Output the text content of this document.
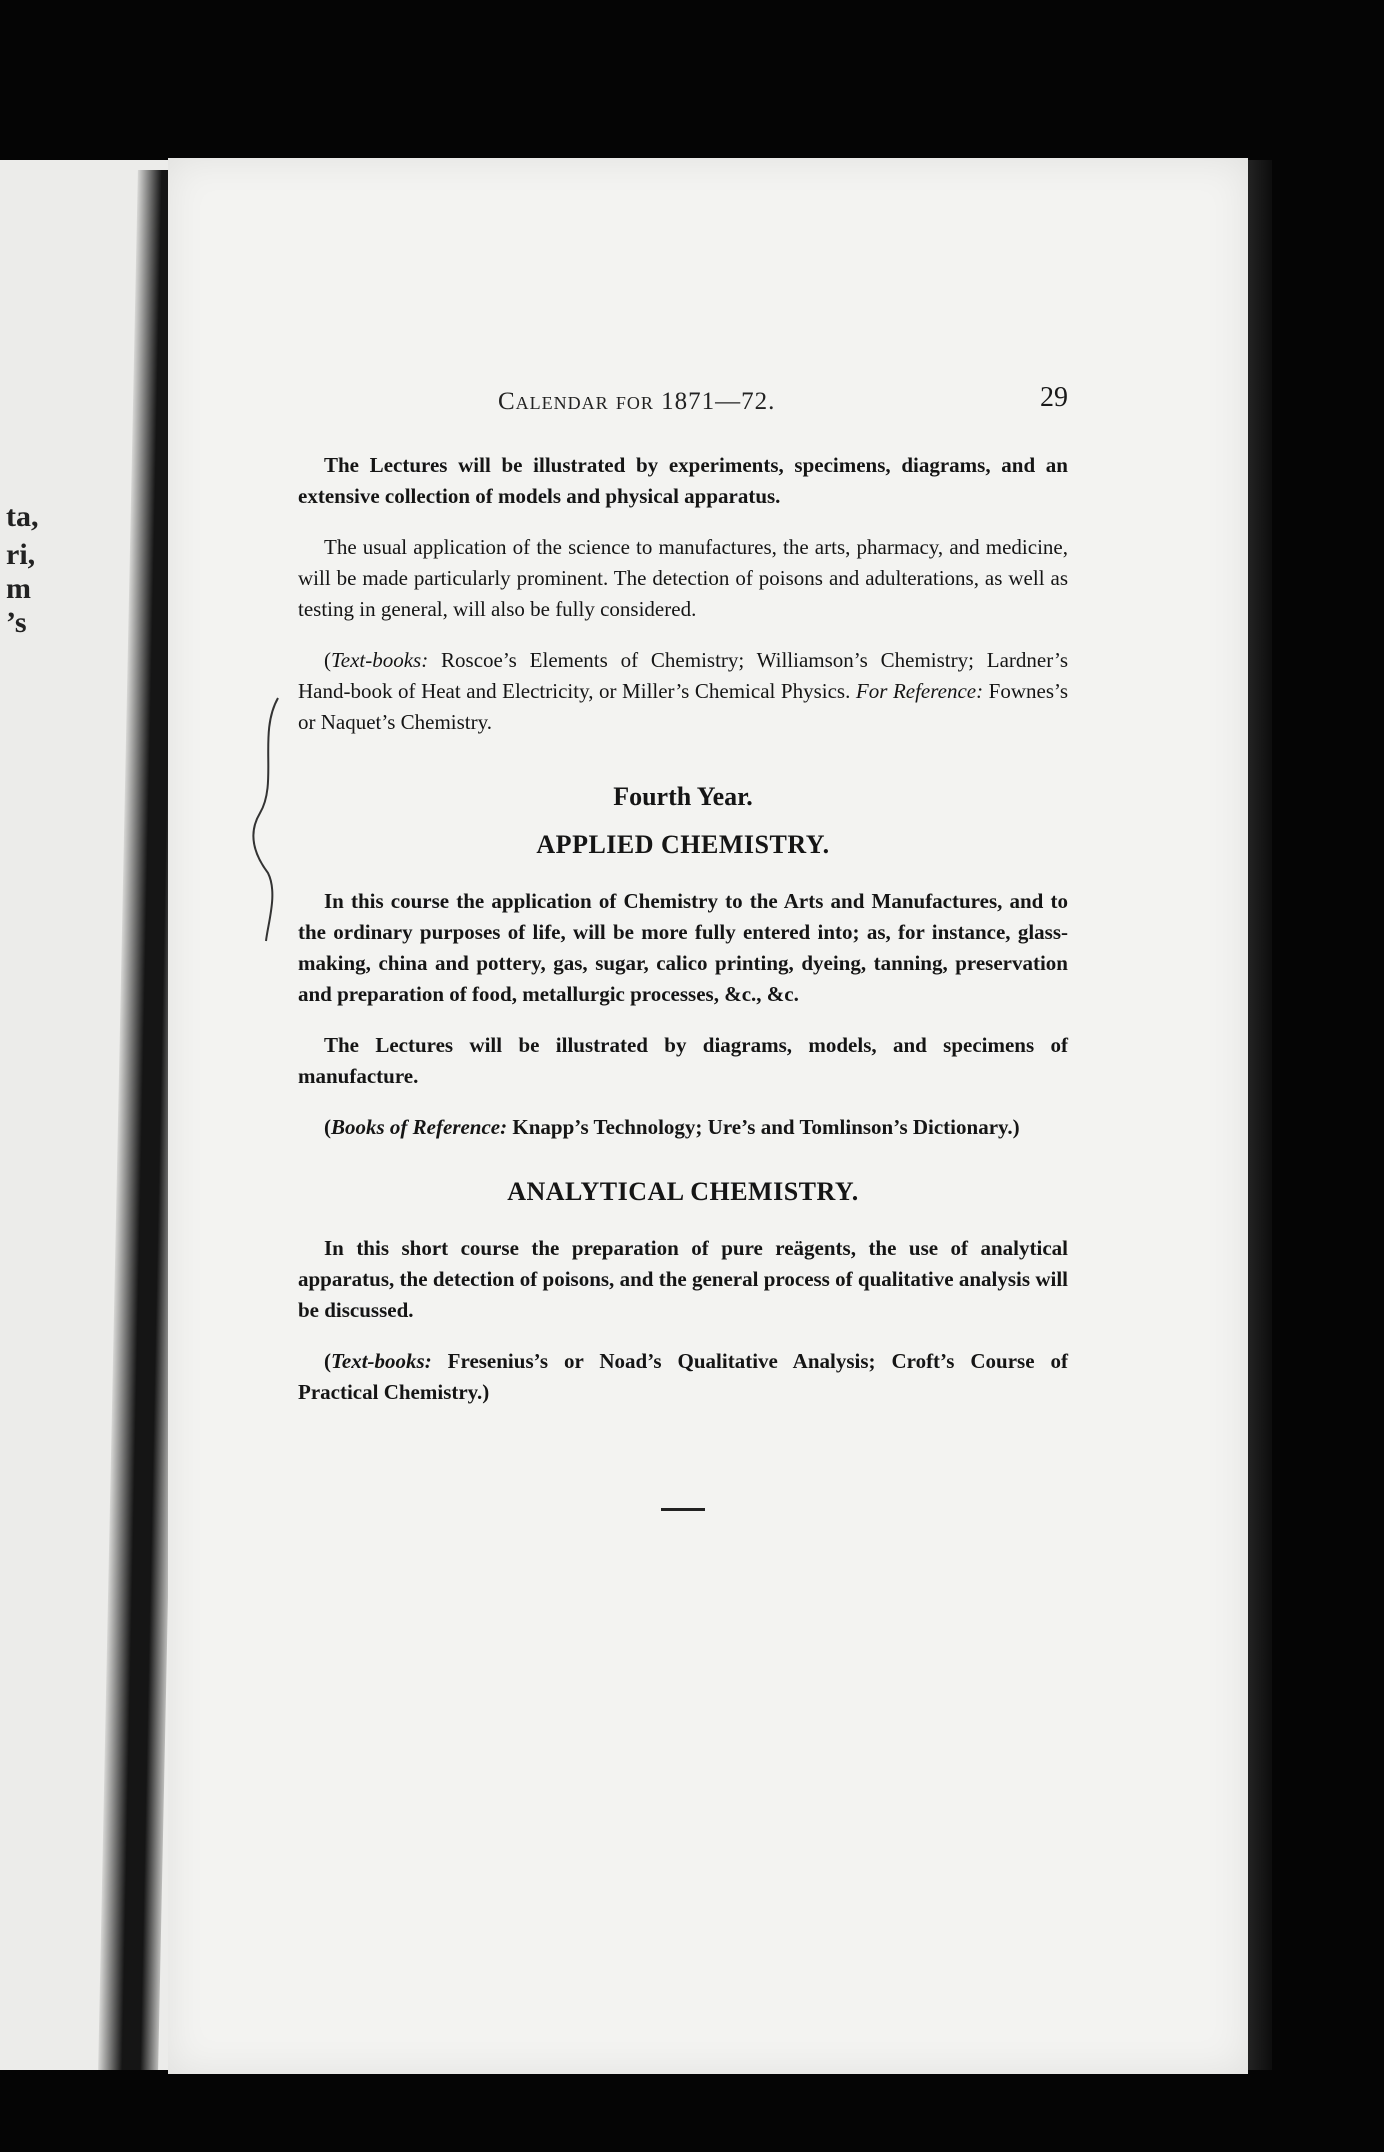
ta,
ri,
m
’s
Calendar for 1871—72.	29

The Lectures will be illustrated by experiments, specimens, diagrams, and an extensive collection of models and physical apparatus.

The usual application of the science to manufactures, the arts, pharmacy, and medicine, will be made particularly prominent. The detection of poisons and adulterations, as well as testing in general, will also be fully considered.

(Text-books: Roscoe’s Elements of Chemistry; Williamson’s Chemistry; Lardner’s Hand-book of Heat and Electricity, or Miller’s Chemical Physics. For Reference: Fownes’s or Naquet’s Chemistry.

Fourth Year.
APPLIED CHEMISTRY.

In this course the application of Chemistry to the Arts and Manufactures, and to the ordinary purposes of life, will be more fully entered into; as, for instance, glass-making, china and pottery, gas, sugar, calico printing, dyeing, tanning, preservation and preparation of food, metallurgic processes, &c., &c.

The Lectures will be illustrated by diagrams, models, and specimens of manufacture.

(Books of Reference: Knapp’s Technology; Ure’s and Tomlinson’s Dictionary.)

ANALYTICAL CHEMISTRY.

In this short course the preparation of pure reägents, the use of analytical apparatus, the detection of poisons, and the general process of qualitative analysis will be discussed.

(Text-books: Fresenius’s or Noad’s Qualitative Analysis; Croft’s Course of Practical Chemistry.)
